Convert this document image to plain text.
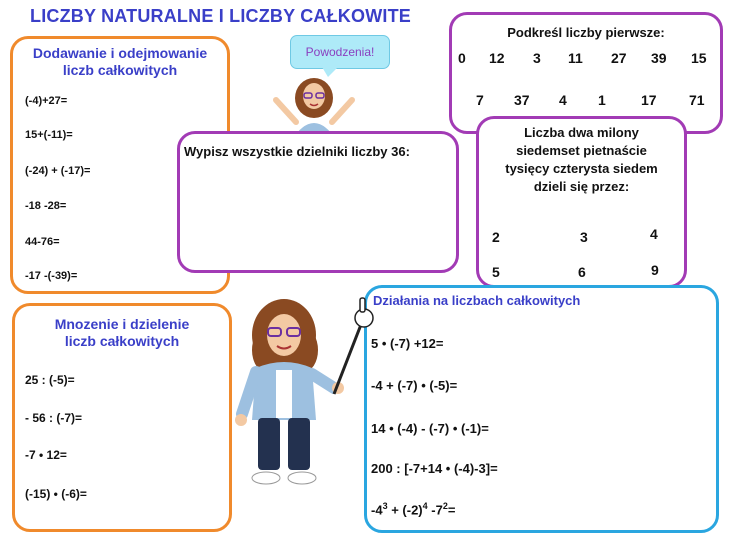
LICZBY NATURALNE I LICZBY CAŁKOWITE
Powodzenia!
Dodawanie i odejmowanie
liczb całkowitych
(-4)+27=
15+(-11)=
(-24) + (-17)=
-18 -28=
44-76=
-17 -(-39)=
Podkreśl liczby pierwsze:
0 12 3 11 27 39 15
7 37 4 1	17 71
Wypisz wszystkie dzielniki liczby 36:
Liczba dwa milony
siedemset pietnaście
tysięcy czterysta siedem
dzieli się przez:
2	3	4
5	6	9
Mnozenie i dzielenie
liczb całkowitych
25 : (-5)=
- 56 : (-7)=
-7 • 12=
(-15) • (-6)=
Działania na liczbach całkowitych
5 • (-7) +12=
-4 + (-7) • (-5)=
14 • (-4) - (-7) • (-1)=
200 : [-7+14 • (-4)-3]=
$-4^3 + (-2)^4$ $-7^2=$
